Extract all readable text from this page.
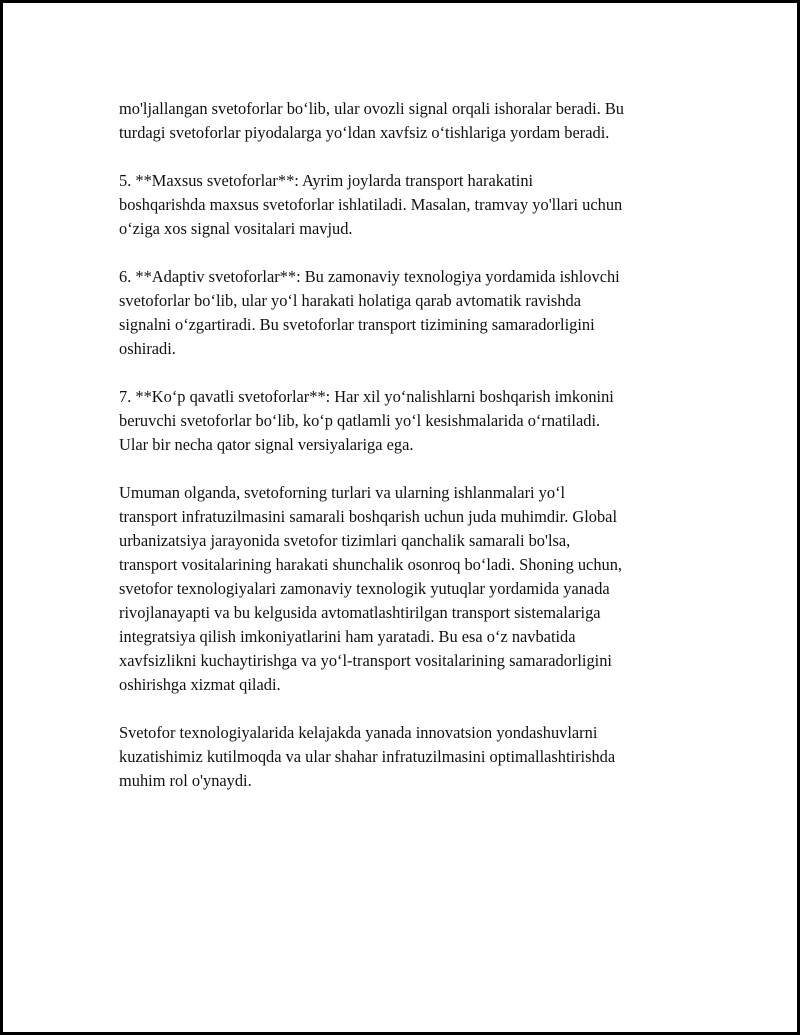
mo'ljallangan svetoforlar bo‘lib, ular ovozli signal orqali ishoralar beradi. Bu
turdagi svetoforlar piyodalarga yo‘ldan xavfsiz o‘tishlariga yordam beradi.

5. **Maxsus svetoforlar**: Ayrim joylarda transport harakatini
boshqarishda maxsus svetoforlar ishlatiladi. Masalan, tramvay yo'llari uchun
o‘ziga xos signal vositalari mavjud.

6. **Adaptiv svetoforlar**: Bu zamonaviy texnologiya yordamida ishlovchi
svetoforlar bo‘lib, ular yo‘l harakati holatiga qarab avtomatik ravishda
signalni o‘zgartiradi. Bu svetoforlar transport tizimining samaradorligini
oshiradi.

7. **Ko‘p qavatli svetoforlar**: Har xil yo‘nalishlarni boshqarish imkonini
beruvchi svetoforlar bo‘lib, ko‘p qatlamli yo‘l kesishmalarida o‘rnatiladi.
Ular bir necha qator signal versiyalariga ega.

Umuman olganda, svetoforning turlari va ularning ishlanmalari yo‘l
transport infratuzilmasini samarali boshqarish uchun juda muhimdir. Global
urbanizatsiya jarayonida svetofor tizimlari qanchalik samarali bo'lsa,
transport vositalarining harakati shunchalik osonroq bo‘ladi. Shoning uchun,
svetofor texnologiyalari zamonaviy texnologik yutuqlar yordamida yanada
rivojlanayapti va bu kelgusida avtomatlashtirilgan transport sistemalariga
integratsiya qilish imkoniyatlarini ham yaratadi. Bu esa o‘z navbatida
xavfsizlikni kuchaytirishga va yo‘l-transport vositalarining samaradorligini
oshirishga xizmat qiladi.

Svetofor texnologiyalarida kelajakda yanada innovatsion yondashuvlarni
kuzatishimiz kutilmoqda va ular shahar infratuzilmasini optimallashtirishda
muhim rol o'ynaydi.
